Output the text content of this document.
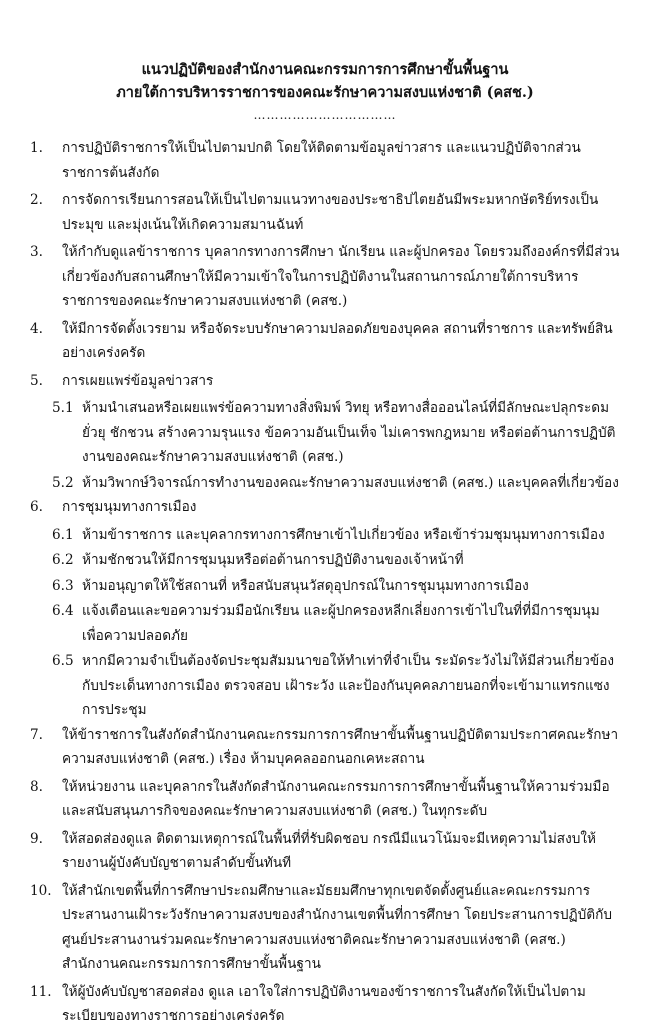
แนวปฏิบัติของสำนักงานคณะกรรมการการศึกษาขั้นพื้นฐาน
ภายใต้การบริหารราชการของคณะรักษาความสงบแห่งชาติ (คสช.)
……………………………
1.	การปฏิบัติราชการให้เป็นไปตามปกติ โดยให้ติดตามข้อมูลข่าวสาร และแนวปฏิบัติจากส่วนราชการต้นสังกัด
2.	การจัดการเรียนการสอนให้เป็นไปตามแนวทางของประชาธิปไตยอันมีพระมหากษัตริย์ทรงเป็นประมุข และมุ่งเน้นให้เกิดความสมานฉันท์
3.	ให้กำกับดูแลข้าราชการ บุคลากรทางการศึกษา นักเรียน และผู้ปกครอง โดยรวมถึงองค์กรที่มีส่วนเกี่ยวข้องกับสถานศึกษาให้มีความเข้าใจในการปฏิบัติงานในสถานการณ์ภายใต้การบริหารราชการของคณะรักษาความสงบแห่งชาติ (คสช.)
4.	ให้มีการจัดตั้งเวรยาม หรือจัดระบบรักษาความปลอดภัยของบุคคล สถานที่ราชการ และทรัพย์สินอย่างเคร่งครัด
5.	การเผยแพร่ข้อมูลข่าวสาร
5.1 ห้ามนำเสนอหรือเผยแพร่ข้อความทางสิ่งพิมพ์ วิทยุ หรือทางสื่อออนไลน์ที่มีลักษณะปลุกระดมยั่วยุ ชักชวน สร้างความรุนแรง ข้อความอันเป็นเท็จ ไม่เคารพกฎหมาย หรือต่อต้านการปฏิบัติงานของคณะรักษาความสงบแห่งชาติ (คสช.)
5.2 ห้ามวิพากษ์วิจารณ์การทำงานของคณะรักษาความสงบแห่งชาติ (คสช.) และบุคคลที่เกี่ยวข้อง
6.	การชุมนุมทางการเมือง
6.1 ห้ามข้าราชการ และบุคลากรทางการศึกษาเข้าไปเกี่ยวข้อง หรือเข้าร่วมชุมนุมทางการเมือง
6.2 ห้ามชักชวนให้มีการชุมนุมหรือต่อต้านการปฏิบัติงานของเจ้าหน้าที่
6.3 ห้ามอนุญาตให้ใช้สถานที่ หรือสนับสนุนวัสดุอุปกรณ์ในการชุมนุมทางการเมือง
6.4 แจ้งเตือนและขอความร่วมมือนักเรียน และผู้ปกครองหลีกเลี่ยงการเข้าไปในที่ที่มีการชุมนุม เพื่อความปลอดภัย
6.5 หากมีความจำเป็นต้องจัดประชุมสัมมนาขอให้ทำเท่าที่จำเป็น ระมัดระวังไม่ให้มีส่วนเกี่ยวข้องกับประเด็นทางการเมือง ตรวจสอบ เฝ้าระวัง และป้องกันบุคคลภายนอกที่จะเข้ามาแทรกแซงการประชุม
7.	ให้ข้าราชการในสังกัดสำนักงานคณะกรรมการการศึกษาขั้นพื้นฐานปฏิบัติตามประกาศคณะรักษาความสงบแห่งชาติ (คสช.) เรื่อง ห้ามบุคคลออกนอกเคหะสถาน
8.	ให้หน่วยงาน และบุคลากรในสังกัดสำนักงานคณะกรรมการการศึกษาขั้นพื้นฐานให้ความร่วมมือ และสนับสนุนภารกิจของคณะรักษาความสงบแห่งชาติ (คสช.) ในทุกระดับ
9.	ให้สอดส่องดูแล ติดตามเหตุการณ์ในพื้นที่ที่รับผิดชอบ กรณีมีแนวโน้มจะมีเหตุความไม่สงบให้รายงานผู้บังคับบัญชาตามลำดับขั้นทันที
10. ให้สำนักเขตพื้นที่การศึกษาประถมศึกษาและมัธยมศึกษาทุกเขตจัดตั้งศูนย์และคณะกรรมการประสานงานเฝ้าระวังรักษาความสงบของสำนักงานเขตพื้นที่การศึกษา โดยประสานการปฏิบัติกับศูนย์ประสานงานร่วมคณะรักษาความสงบแห่งชาติคณะรักษาความสงบแห่งชาติ (คสช.) สำนักงานคณะกรรมการการศึกษาขั้นพื้นฐาน
11. ให้ผู้บังคับบัญชาสอดส่อง ดูแล เอาใจใส่การปฏิบัติงานของข้าราชการในสังกัดให้เป็นไปตามระเบียบของทางราชการอย่างเคร่งครัด
